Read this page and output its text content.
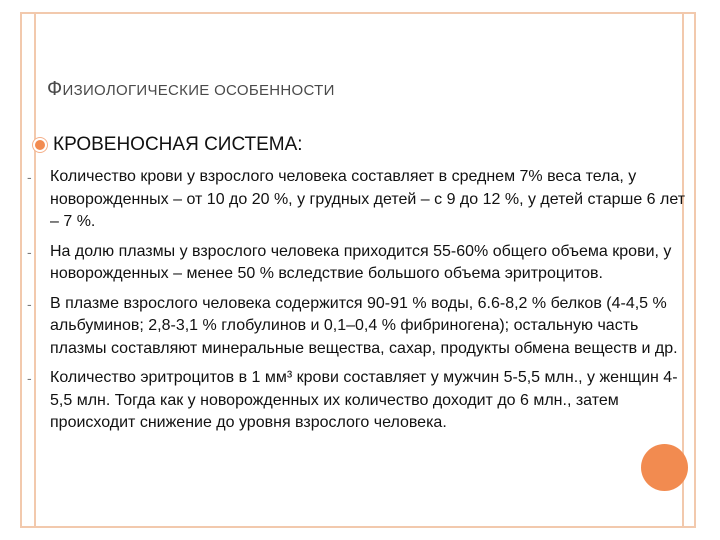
ФИЗИОЛОГИЧЕСКИЕ ОСОБЕННОСТИ
КРОВЕНОСНАЯ СИСТЕМА:
- Количество крови у взрослого человека составляет в среднем 7% веса тела, у новорожденных – от 10 до 20 %, у грудных детей – с 9 до 12 %, у детей старше 6 лет – 7 %.
- На долю плазмы у взрослого человека приходится 55-60% общего объема крови, у новорожденных – менее 50 % вследствие большого объема эритроцитов.
- В плазме взрослого человека содержится 90-91 % воды, 6.6-8,2 % белков (4-4,5 % альбуминов; 2,8-3,1 % глобулинов и 0,1–0,4 % фибриногена); остальную часть плазмы составляют минеральные вещества, сахар, продукты обмена веществ и др.
- Количество эритроцитов в 1 мм³ крови составляет у мужчин 5-5,5 млн., у женщин 4-5,5 млн. Тогда как у новорожденных их количество доходит до 6 млн., затем происходит снижение до уровня взрослого человека.
